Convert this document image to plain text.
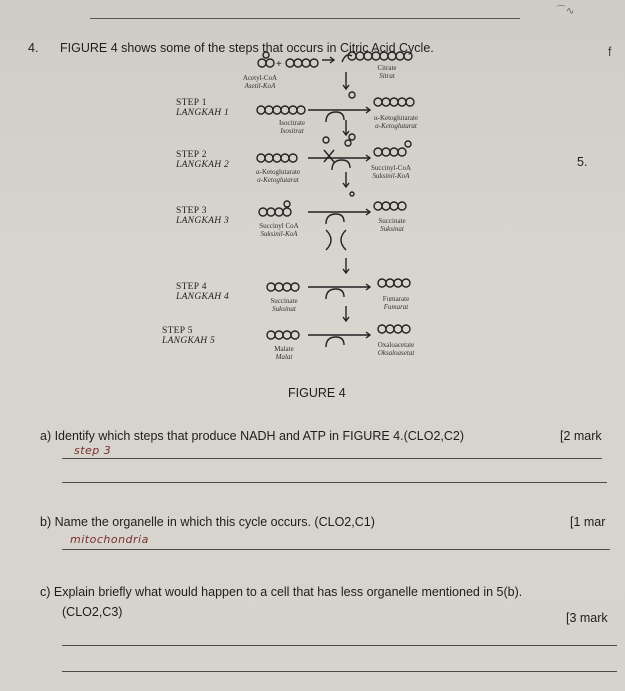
⌒∿
f
4. FIGURE 4 shows some of the steps that occurs in Citric Acid Cycle.
5.
+
Acetyl-CoA
Asetil-KoA
Citrate
Sitrat
STEP 1
LANGKAH 1
Isocitrate
Isositrat
α-Ketoglutarate
α-Ketoglutarat
STEP 2
LANGKAH 2
α-Ketoglutarate
α-Ketoglutarat
Succinyl-CoA
Suksinil-KoA
STEP 3
LANGKAH 3	Succinyl CoA
Suksinil-KoA
Succinate
Suksinat
STEP 4
LANGKAH 4	Succinate
Suksinat
Fumarate
Fumarat
STEP 5
LANGKAH 5
Malate
Malat
Oxaloacetate
Oksaloasetat
FIGURE 4
a) Identify which steps that produce NADH and ATP in FIGURE 4.(CLO2,C2)	[2 mark
step 3
b) Name the organelle in which this cycle occurs. (CLO2,C1)	[1 mar
mitochondria
c) Explain briefly what would happen to a cell that has less organelle mentioned in 5(b).
(CLO2,C3)	[3 mark
